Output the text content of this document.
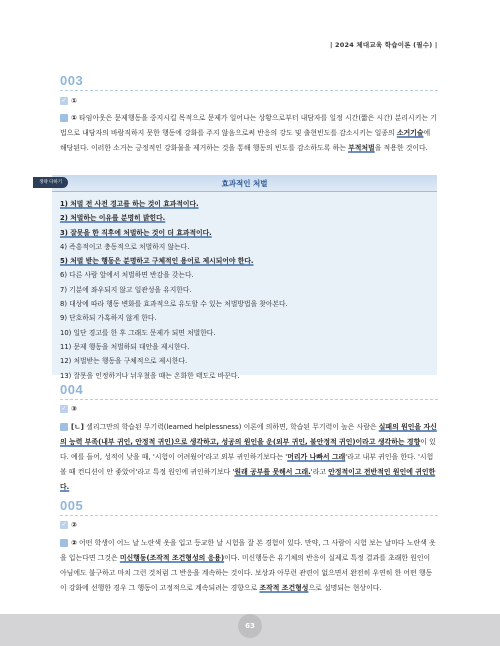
| 2024 체대교육 학습이론 (필수) |
003
✓ ①
① 타임아웃은 문제행동을 중지시킬 목적으로 문제가 일어나는 상황으로부터 내담자를 일정 시간(짧은 시간) 분리시키는 기법으로 내담자의 바람직하지 못한 행동에 강화를 주지 않음으로써 반응의 강도 및 출현빈도를 감소시키는 일종의 소거기술에 해당된다. 이러한 소거는 긍정적인 강화물을 제거하는 것을 통해 행동의 빈도를 감소하도록 하는 부적처벌을 적용한 것이다.
생략 다하기	효과적인 처벌
1) 처벌 전 사전 경고를 하는 것이 효과적이다.
2) 처벌하는 이유를 분명히 밝힌다.
3) 잘못을 한 직후에 처벌하는 것이 더 효과적이다.
4) 즉흥적이고 충동적으로 처벌하지 않는다.
5) 처벌 받는 행동은 분명하고 구체적인 용어로 제시되어야 한다.
6) 다른 사람 앞에서 처벌하면 반감을 갖는다.
7) 기분에 좌우되지 않고 일관성을 유지한다.
8) 대상에 따라 행동 변화를 효과적으로 유도할 수 있는 처벌방법을 찾아본다.
9) 단호하되 가혹하지 않게 한다.
10) 일단 경고를 한 후 그래도 문제가 되면 처벌한다.
11) 문제 행동을 처벌하되 대안을 제시한다.
12) 처벌받는 행동을 구체적으로 제시한다.
13) 잘못을 인정하거나 뉘우쳤을 때는 온화한 태도로 바꾼다.
004
✓ ③
[ㄴ] 셀리그만의 학습된 무기력(learned helplessness) 이론에 의하면, 학습된 무기력이 높은 사람은 실패의 원인을 자신의 능력 부족(내부 귀인, 안정적 귀인)으로 생각하고, 성공의 원인을 운(외부 귀인, 불안정적 귀인)이라고 생각하는 경향이 있다. 예를 들어, 성적이 낮을 때, '시험이 어려웠어'라고 외부 귀인하기보다는 '머리가 나빠서 그래'라고 내부 귀인을 한다. '시험 볼 때 컨디션이 안 좋았어'라고 특정 원인에 귀인하기보다 '원래 공부를 못해서 그래.'라고 안정적이고 전반적인 원인에 귀인한다.
005
✓ ②
② 어떤 학생이 어느 날 노란색 옷을 입고 등교한 날 시험을 잘 본 경험이 있다. 만약, 그 사람이 시험 보는 날마다 노란색 옷을 입는다면 그것은 미신행동(조작적 조건형성의 응용)이다. 미신행동은 유기체의 반응이 실제로 특정 결과를 초래한 원인이 아님에도 불구하고 마치 그런 것처럼 그 반응을 계속하는 것이다. 보상과 아무런 관련이 없으면서 완전히 우연히 한 어떤 행동이 강화에 선행한 경우 그 행동이 고정적으로 계속되려는 경향으로 조작적 조건형성으로 설명되는 현상이다.
63
